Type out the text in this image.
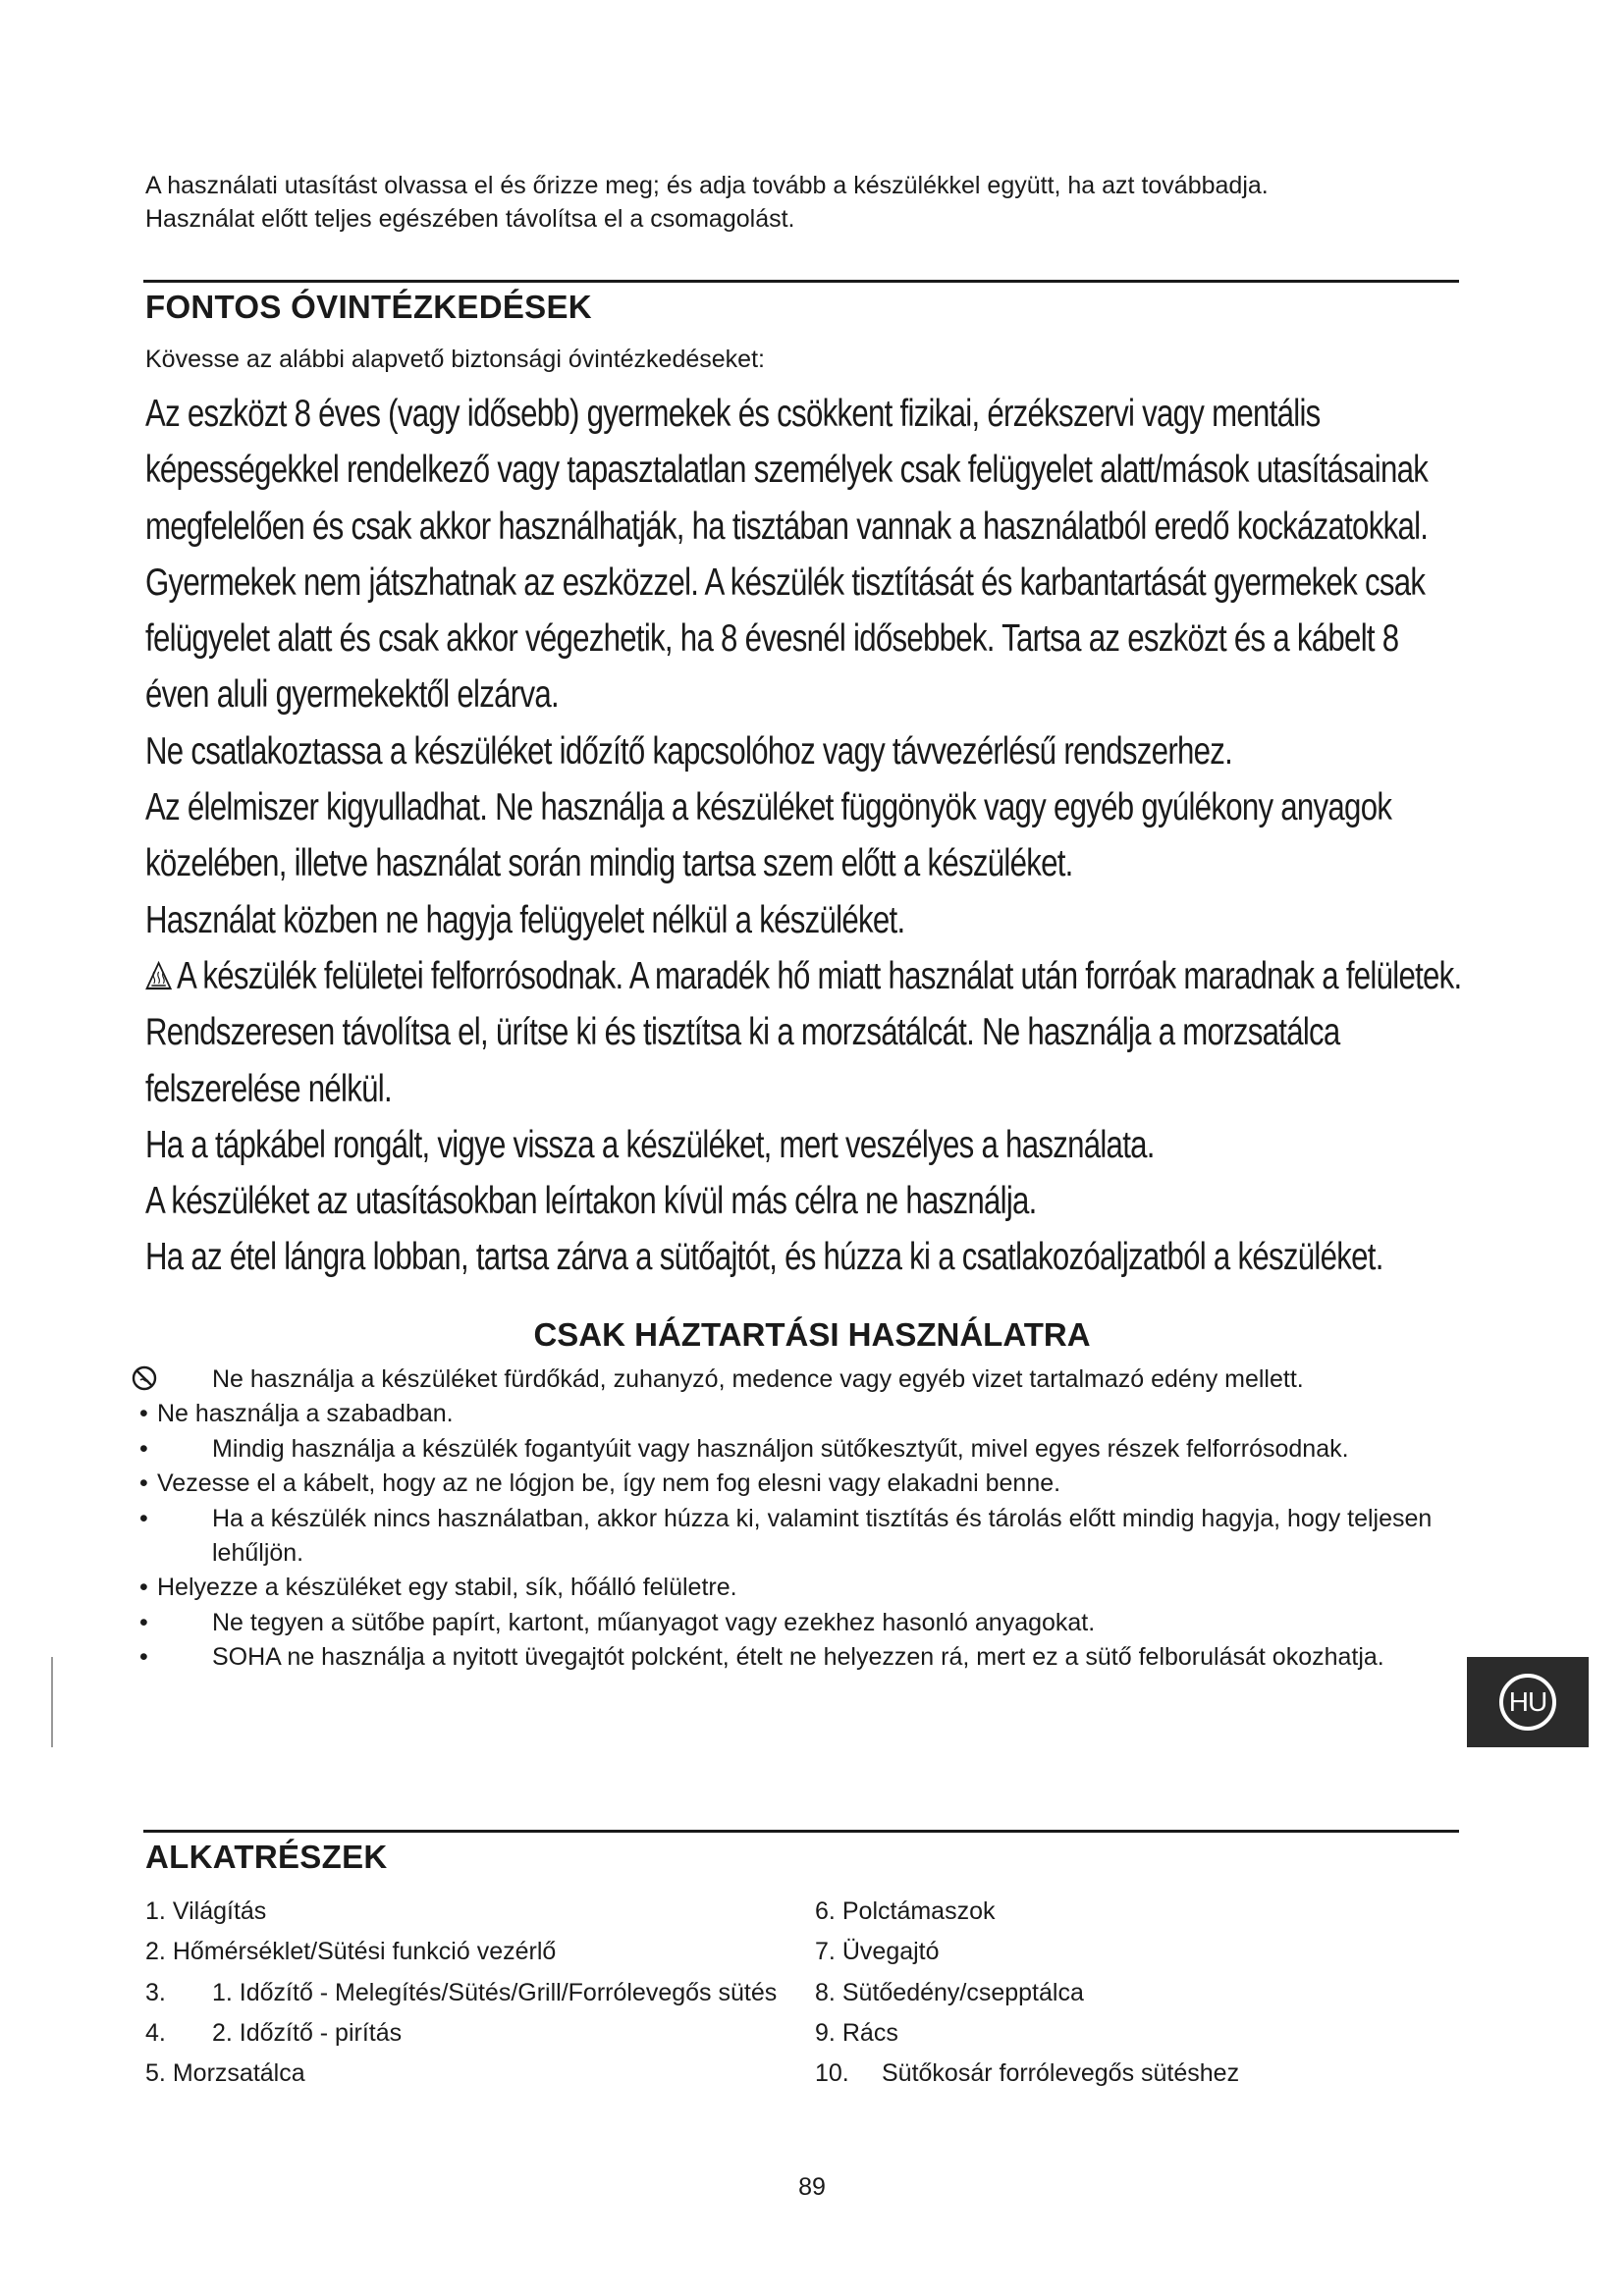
A használati utasítást olvassa el és őrizze meg; és adja tovább a készülékkel együtt, ha azt továbbadja.

Használat előtt teljes egészében távolítsa el a csomagolást.

FONTOS ÓVINTÉZKEDÉSEK
Kövesse az alábbi alapvető biztonsági óvintézkedéseket:

Az eszközt 8 éves (vagy idősebb) gyermekek és csökkent fizikai, érzékszervi vagy mentális képességekkel rendelkező vagy tapasztalatlan személyek csak felügyelet alatt/mások utasításainak megfelelően és csak akkor használhatják, ha tisztában vannak a használatból eredő kockázatokkal.

Gyermekek nem játszhatnak az eszközzel. A készülék tisztítását és karbantartását gyermekek csak felügyelet alatt és csak akkor végezhetik, ha 8 évesnél idősebbek. Tartsa az eszközt és a kábelt 8 éven aluli gyermekektől elzárva.

Ne csatlakoztassa a készüléket időzítő kapcsolóhoz vagy távvezérlésű rendszerhez.

Az élelmiszer kigyulladhat. Ne használja a készüléket függönyök vagy egyéb gyúlékony anyagok közelében, illetve használat során mindig tartsa szem előtt a készüléket.

Használat közben ne hagyja felügyelet nélkül a készüléket.

A készülék felületei felforrósodnak. A maradék hő miatt használat után forróak maradnak a felületek.

Rendszeresen távolítsa el, ürítse ki és tisztítsa ki a morzsátálcát. Ne használja a morzsatálca felszerelése nélkül.

Ha a tápkábel rongált, vigye vissza a készüléket, mert veszélyes a használata.

A készüléket az utasításokban leírtakon kívül más célra ne használja.

Ha az étel lángra lobban, tartsa zárva a sütőajtót, és húzza ki a csatlakozóaljzatból a készüléket.

CSAK HÁZTARTÁSI HASZNÁLATRA
Ne használja a készüléket fürdőkád, zuhanyzó, medence vagy egyéb vizet tartalmazó edény mellett.
• Ne használja a szabadban.
•	Mindig használja a készülék fogantyúit vagy használjon sütőkesztyűt, mivel egyes részek felforrósodnak.
• Vezesse el a kábelt, hogy az ne lógjon be, így nem fog elesni vagy elakadni benne.
•	Ha a készülék nincs használatban, akkor húzza ki, valamint tisztítás és tárolás előtt mindig hagyja, hogy teljesen lehűljön.
• Helyezze a készüléket egy stabil, sík, hőálló felületre.
•	Ne tegyen a sütőbe papírt, kartont, műanyagot vagy ezekhez hasonló anyagokat.
•	SOHA ne használja a nyitott üvegajtót polcként, ételt ne helyezzen rá, mert ez a sütő felborulását okozhatja.
HU
ALKATRÉSZEK
1. Világítás
2. Hőmérséklet/Sütési funkció vezérlő
3.	1. Időzítő - Melegítés/Sütés/Grill/Forrólevegős sütés
4.	2. Időzítő - pirítás
5. Morzsatálca
6. Polctámaszok
7. Üvegajtó
8. Sütőedény/csepptálca
9. Rács
10.	Sütőkosár forrólevegős sütéshez
89
